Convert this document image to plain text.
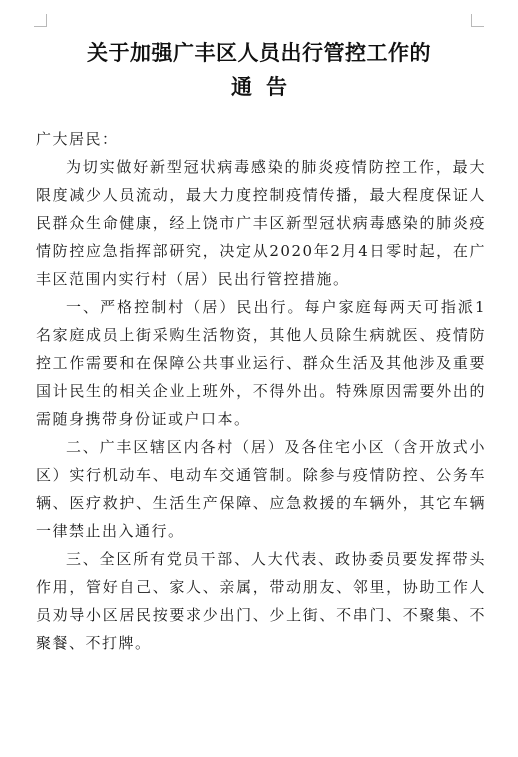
关于加强广丰区人员出行管控工作的
通告

广大居民：

为切实做好新型冠状病毒感染的肺炎疫情防控工作，最大限度减少人员流动，最大力度控制疫情传播，最大程度保证人民群众生命健康，经上饶市广丰区新型冠状病毒感染的肺炎疫情防控应急指挥部研究，决定从2020年2月4日零时起，在广丰区范围内实行村（居）民出行管控措施。

一、严格控制村（居）民出行。每户家庭每两天可指派1名家庭成员上街采购生活物资，其他人员除生病就医、疫情防控工作需要和在保障公共事业运行、群众生活及其他涉及重要国计民生的相关企业上班外，不得外出。特殊原因需要外出的需随身携带身份证或户口本。

二、广丰区辖区内各村（居）及各住宅小区（含开放式小区）实行机动车、电动车交通管制。除参与疫情防控、公务车辆、医疗救护、生活生产保障、应急救援的车辆外，其它车辆一律禁止出入通行。

三、全区所有党员干部、人大代表、政协委员要发挥带头作用，管好自己、家人、亲属，带动朋友、邻里，协助工作人员劝导小区居民按要求少出门、少上街、不串门、不聚集、不聚餐、不打牌。
